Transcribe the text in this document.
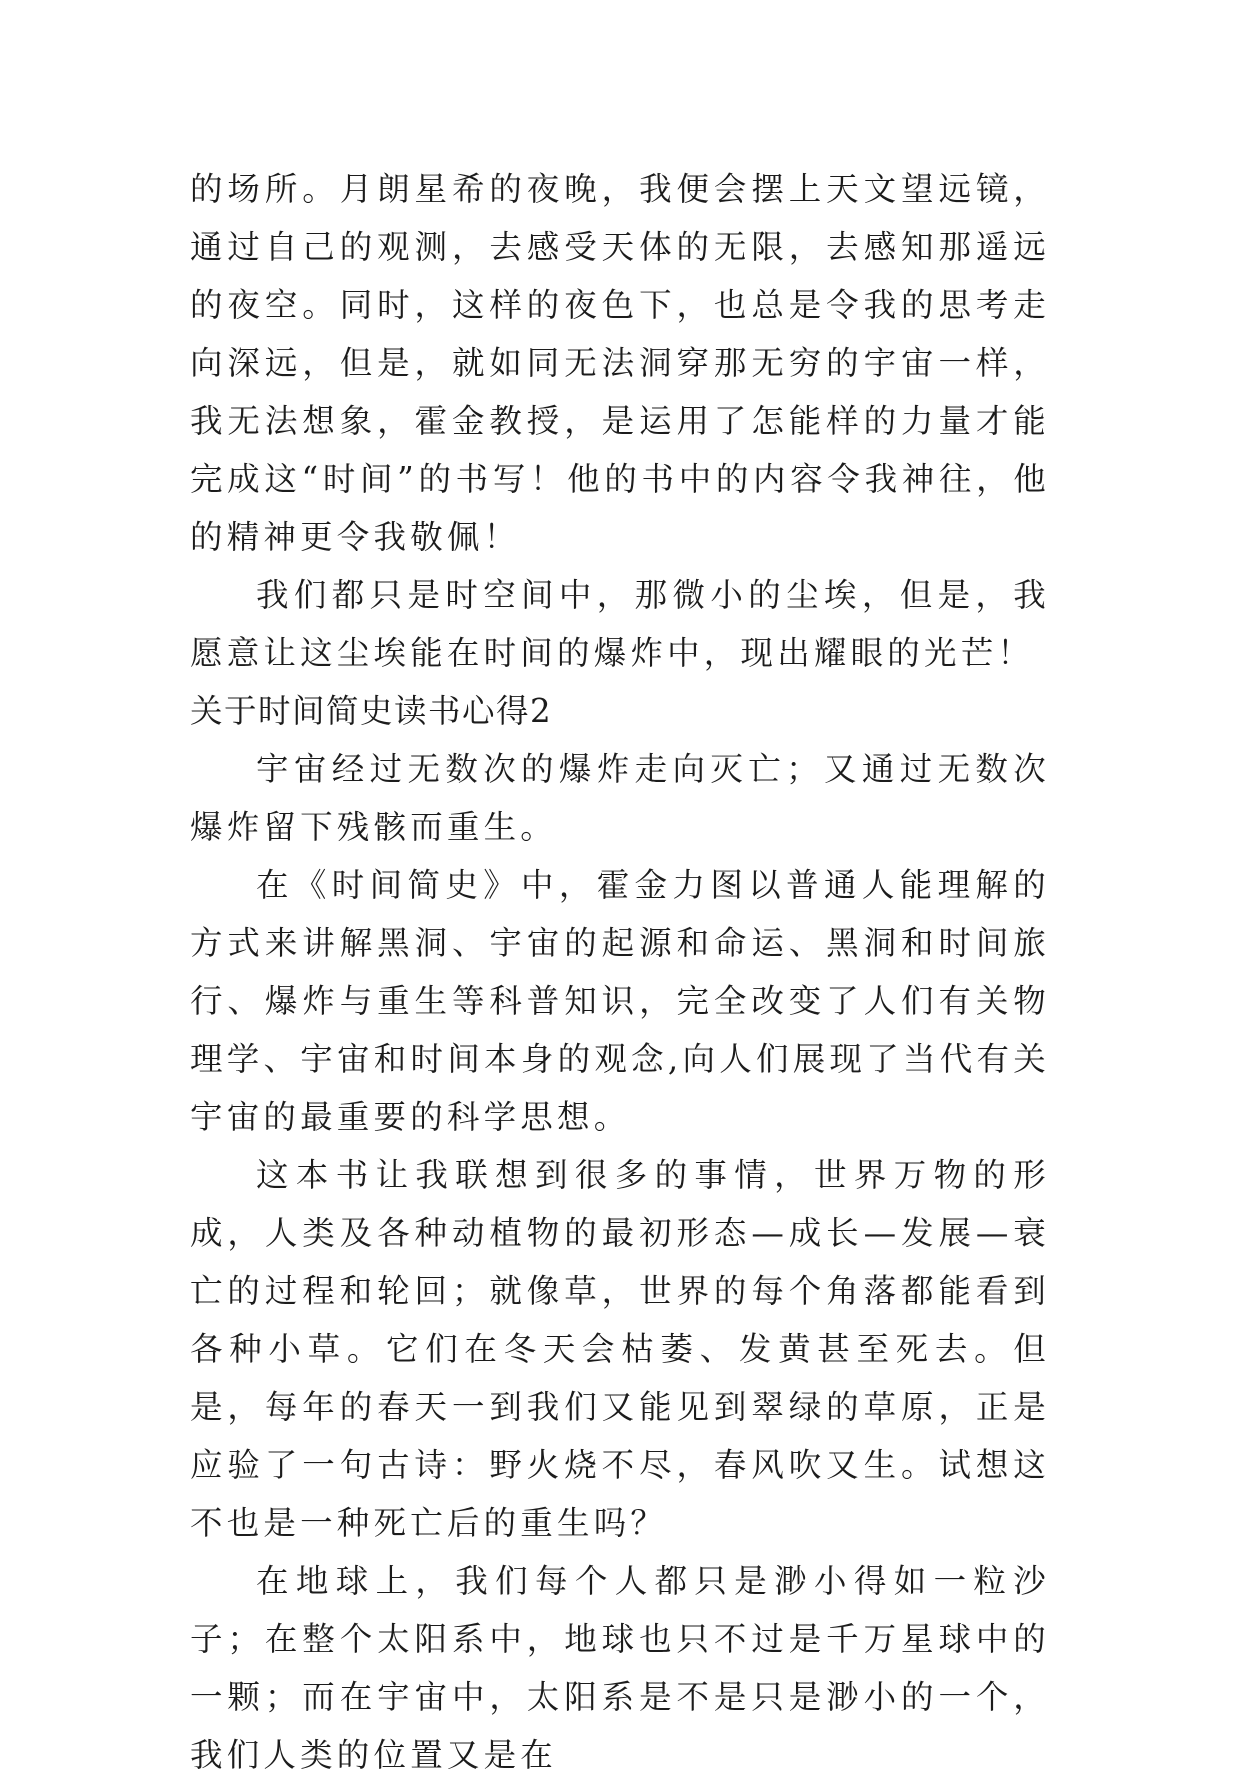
的场所。月朗星希的夜晚，我便会摆上天文望远镜，通过自己的观测，去感受天体的无限，去感知那遥远的夜空。同时，这样的夜色下，也总是令我的思考走向深远，但是，就如同无法洞穿那无穷的宇宙一样，我无法想象，霍金教授，是运用了怎能样的力量才能完成这“时间”的书写！他的书中的内容令我神往，他的精神更令我敬佩！

我们都只是时空间中，那微小的尘埃，但是，我愿意让这尘埃能在时间的爆炸中，现出耀眼的光芒！

关于时间简史读书心得2

宇宙经过无数次的爆炸走向灭亡；又通过无数次爆炸留下残骸而重生。

在《时间简史》中，霍金力图以普通人能理解的方式来讲解黑洞、宇宙的起源和命运、黑洞和时间旅行、爆炸与重生等科普知识，完全改变了人们有关物理学、宇宙和时间本身的观念,向人们展现了当代有关宇宙的最重要的科学思想。

这本书让我联想到很多的事情，世界万物的形成，人类及各种动植物的最初形态—成长—发展—衰亡的过程和轮回；就像草，世界的每个角落都能看到各种小草。它们在冬天会枯萎、发黄甚至死去。但是，每年的春天一到我们又能见到翠绿的草原，正是应验了一句古诗：野火烧不尽，春风吹又生。试想这不也是一种死亡后的重生吗？

在地球上，我们每个人都只是渺小得如一粒沙子；在整个太阳系中，地球也只不过是千万星球中的一颗；而在宇宙中，太阳系是不是只是渺小的一个，我们人类的位置又是在
